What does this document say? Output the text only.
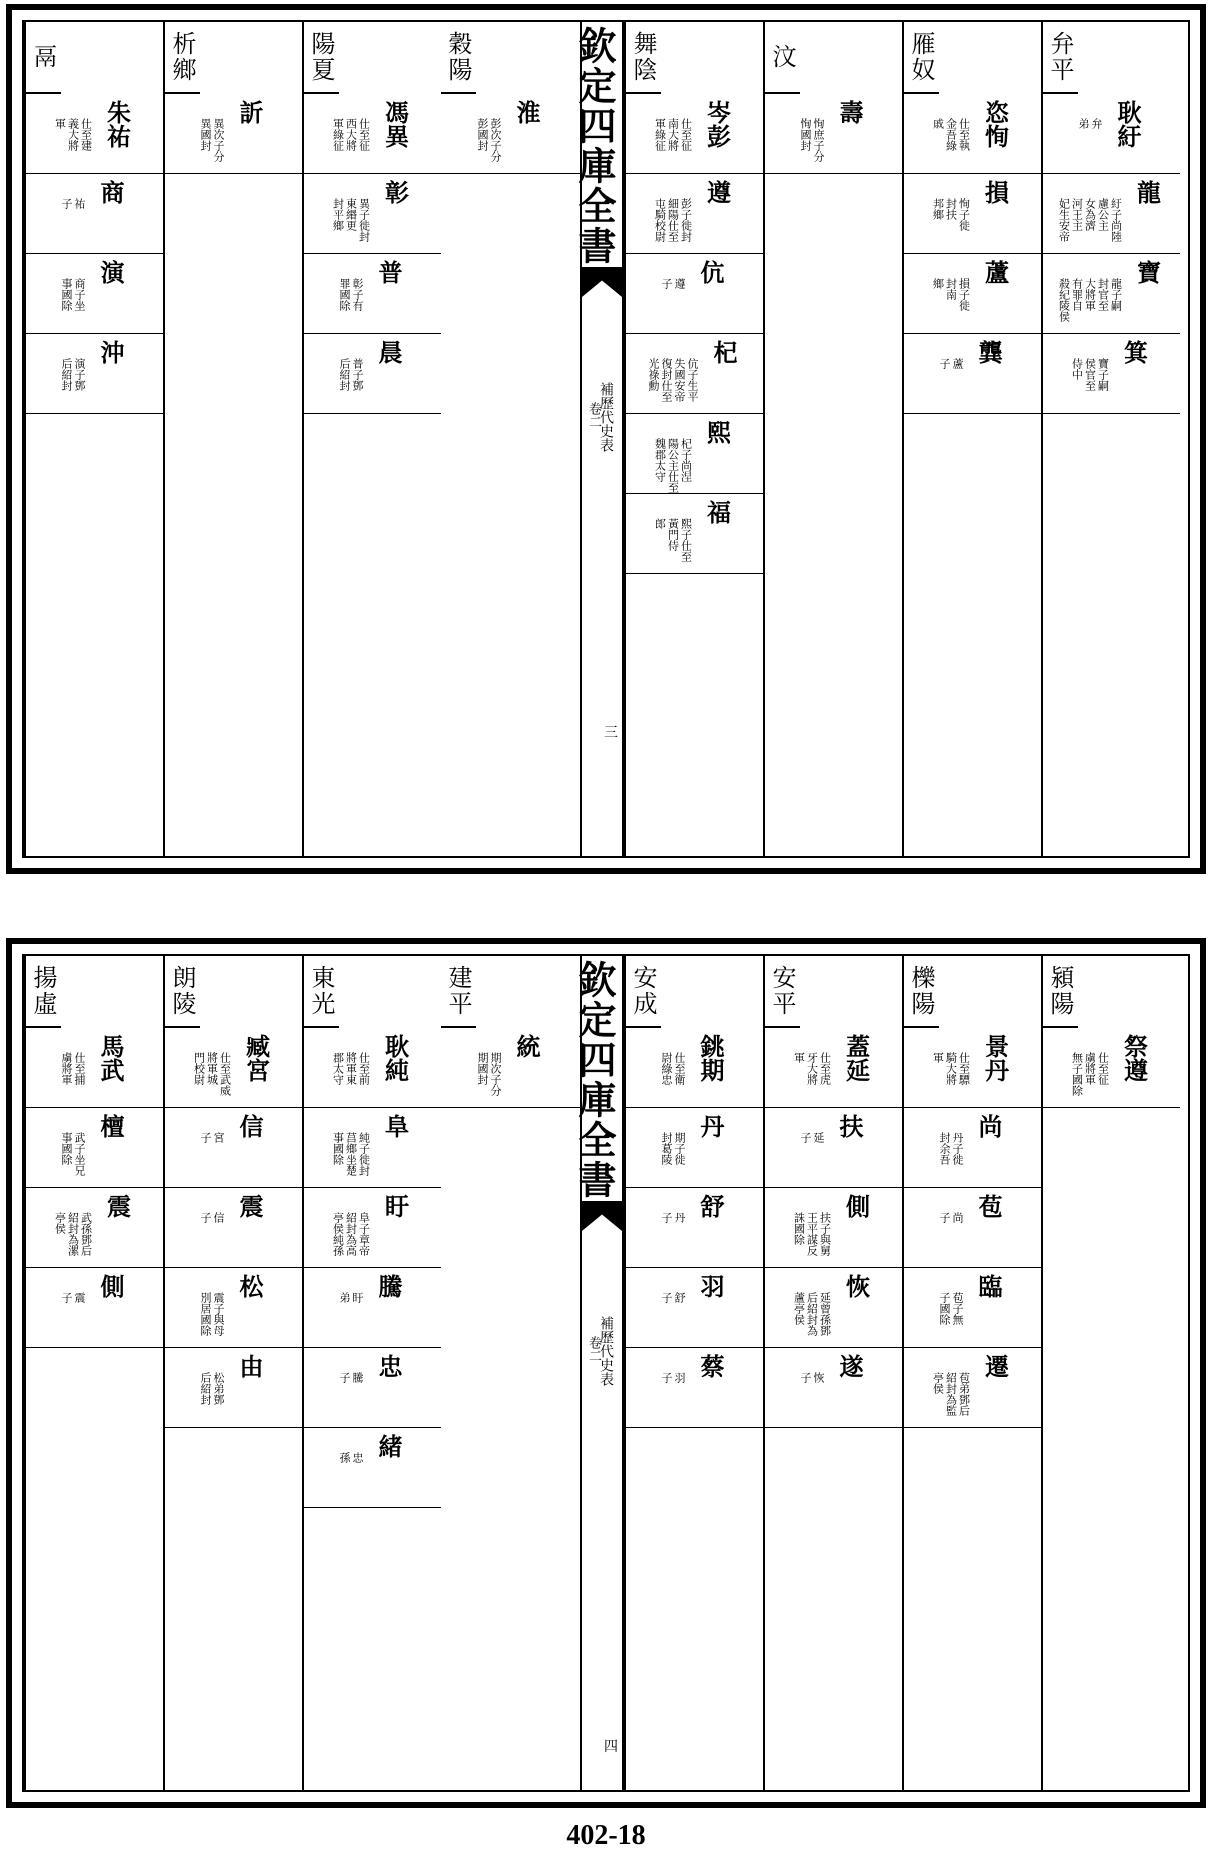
穀陽
淮
彭次子分
彭國封
陽夏
馮異
仕至征
西大將
軍綠征
彰
異子徙封
東緡更
封平鄉
普
彰子有
罪國除
晨
普子鄧
后紹封
析鄉
訢
異次子分
異國封
鬲
朱祐
仕至建
義大將
軍
商
祐
子
演
商子坐
事國除
沖
演子鄧
后紹封
欽定四庫全書
補歷代史表
卷二
三
弁平
耿紆
弁
弟
龍
紆子尚陸
慮公主
女為濟
河王主
妃生安帝
寶
龍子嗣
封官至
大將軍
有罪自
殺紀陵侯
箕
寶子嗣
侯官至
侍中
雁奴
恣恂
仕至執
金吾綠
戚
損
恂子徙
封扶
邦鄉
蘆
損子徙
封南
鄉
龔
蘆
子
汶
壽
恂庶子分
恂國封
舞陰
岑彭
仕至征
南大將
軍綠征
遵
彭子徙封
細陽仕至
屯騎校尉
伉
遵
子
杞
伉子生平
失國安帝
復封仕至
光祿勳
熙
杞子尚涅
陽公主仕至
魏郡太守
福
熙子仕至
黃門侍
郎
建平
統
期次子分
期國封
東光
耿純
仕至前
將軍東
郡太守
阜
純子徙封
莒鄉坐楚
事國除
盱
阜子章帝
紹封為高
亭侯純孫
騰
盱
弟
忠
騰
子
緒
忠
孫
朗陵
臧宮
仕至武威
將軍城
門校尉
信
宮
子
震
信
子
松
震子與母
別居國除
由
松弟鄧
后紹封
揚虛
馬武
仕至捕
虜將軍
檀
武子坐兄
事國除
震
武孫鄧后
紹封為漯
亭侯
側
震
子
欽定四庫全書
補歷代史表
卷二
四
潁陽
祭遵
仕至征
虜將軍
無子國除
櫟陽
景丹
仕至驃
騎大將
軍
尚
丹子徙
封余吾
苞
尚
子
臨
苞子無
子國除
遷
苞弟鄧后
紹封為監
亭侯
安平
蓋延
仕至虎
牙大將
軍
扶
延
子
側
扶子與舅
王平謀反
誅國除
恢
延曾孫鄧
后紹封為
蘆亭侯
遂
恢
子
安成
銚期
仕至衛
尉綠忠
丹
期子徙
封葛陵
舒
丹
子
羽
舒
子
蔡
羽
子
402-18
